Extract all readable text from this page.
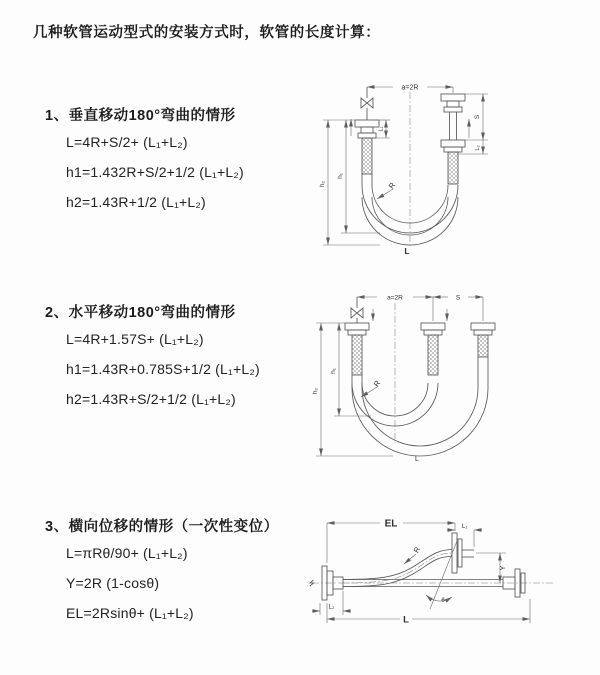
几种软管运动型式的安装方式时，软管的长度计算：
1、垂直移动180°弯曲的情形
L=4R+S/2+ (L₁+L₂)
h1=1.432R+S/2+1/2 (L₁+L₂)
h2=1.43R+1/2 (L₁+L₂)
2、水平移动180°弯曲的情形
L=4R+1.57S+ (L₁+L₂)
h1=1.43R+0.785S+1/2 (L₁+L₂)
h2=1.43R+S/2+1/2 (L₁+L₂)
3、横向位移的情形（一次性变位）
L=πRθ/90+ (L₁+L₂)
Y=2R (1-cosθ)
EL=2Rsinθ+ (L₁+L₂)
a=2R
S
L₂
L₁
h₁
h₂	R
L
a=2R	S
h₁
h₂
R
L
EL	L₁
Y
θ
R
L₂
L
